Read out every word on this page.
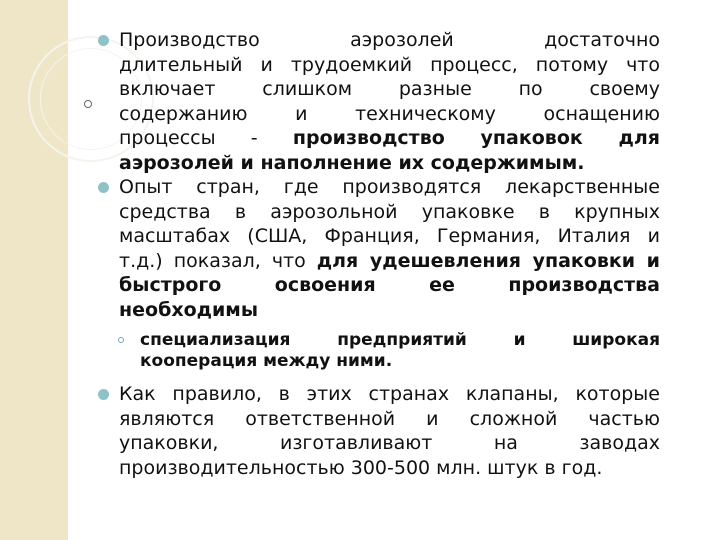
Производство аэрозолей достаточно
длительный и трудоемкий процесс, потому что
включает слишком разные по своему
содержанию и техническому оснащению
процессы - производство упаковок для
аэрозолей и наполнение их содержимым.
Опыт стран, где производятся лекарственные
средства в аэрозольной упаковке в крупных
масштабах (США, Франция, Германия, Италия и
т.д.) показал, что для удешевления упаковки и
быстрого освоения ее производства
необходимы
специализация предприятий и широкая
кооперация между ними.
Как правило, в этих странах клапаны, которые
являются ответственной и сложной частью
упаковки, изготавливают на заводах
производительностью 300-500 млн. штук в год.
